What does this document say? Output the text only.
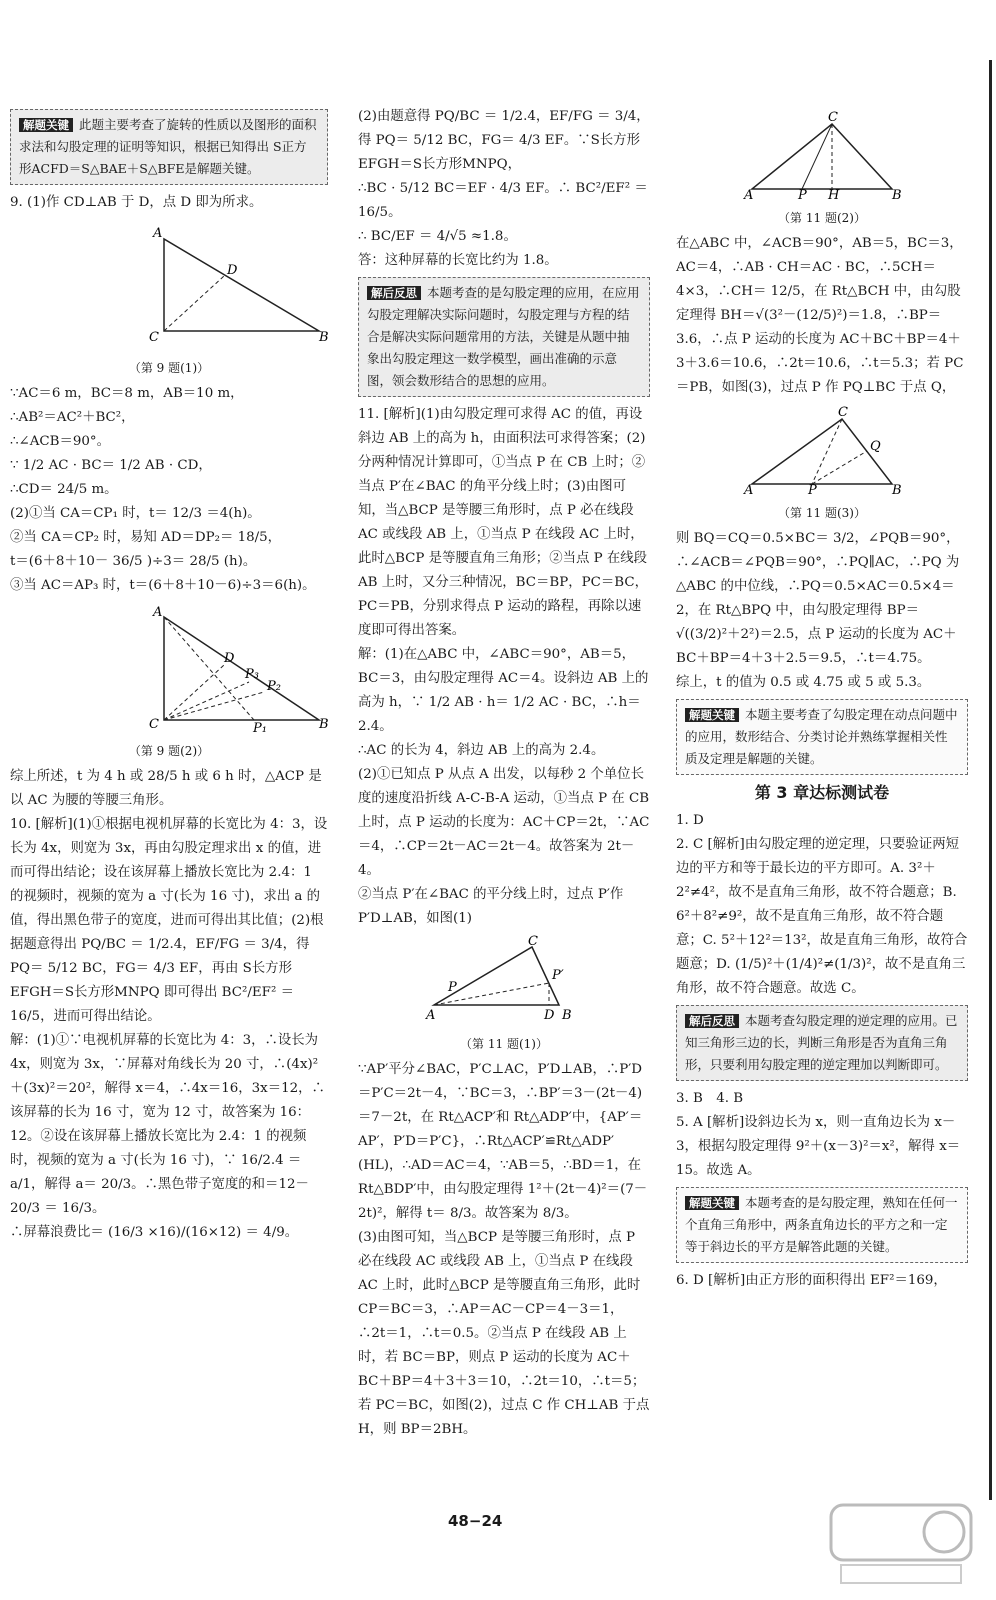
解题关键 此题主要考查了旋转的性质以及图形的面积求法和勾股定理的证明等知识，根据已知得出 S正方形ACFD＝S△BAE＋S△BFE是解题关键。

9. (1)作 CD⊥AB 于 D，点 D 即为所求。

A
D
C	B
（第 9 题(1)）

∵AC＝6 m，BC＝8 m，AB＝10 m，

∴AB²＝AC²＋BC²，

∴∠ACB＝90°。

∵ 1/2 AC · BC＝ 1/2 AB · CD，

∴CD＝ 24/5 m。

(2)①当 CA＝CP₁ 时，t＝ 12/3 ＝4(h)。

②当 CA＝CP₂ 时，易知 AD＝DP₂＝ 18/5，

t＝(6＋8＋10－ 36/5 )÷3＝ 28/5 (h)。

③当 AC＝AP₃ 时，t＝(6＋8＋10－6)÷3＝6(h)。

A
D
P₃
P₂
C	B
P₁
（第 9 题(2)）

综上所述，t 为 4 h 或 28/5 h 或 6 h 时，△ACP 是以 AC 为腰的等腰三角形。

10. [解析](1)①根据电视机屏幕的长宽比为 4：3，设长为 4x，则宽为 3x，再由勾股定理求出 x 的值，进而可得出结论；设在该屏幕上播放长宽比为 2.4：1 的视频时，视频的宽为 a 寸(长为 16 寸)，求出 a 的值，得出黑色带子的宽度，进而可得出其比值；(2)根据题意得出 PQ/BC ＝ 1/2.4，EF/FG ＝ 3/4，得 PQ＝ 5/12 BC，FG＝ 4/3 EF，再由 S长方形EFGH＝S长方形MNPQ 即可得出 BC²/EF² ＝ 16/5，进而可得出结论。

解：(1)①∵电视机屏幕的长宽比为 4：3，∴设长为 4x，则宽为 3x，∵屏幕对角线长为 20 寸，∴(4x)²＋(3x)²＝20²，解得 x＝4，∴4x＝16，3x＝12，∴该屏幕的长为 16 寸，宽为 12 寸，故答案为 16：12。②设在该屏幕上播放长宽比为 2.4：1 的视频时，视频的宽为 a 寸(长为 16 寸)，∵ 16/2.4 ＝ a/1，解得 a＝ 20/3。∴黑色带子宽度的和＝12－ 20/3 ＝ 16/3。

∴屏幕浪费比＝ (16/3 ×16)/(16×12) ＝ 4/9。

(2)由题意得 PQ/BC ＝ 1/2.4，EF/FG ＝ 3/4，得 PQ＝ 5/12 BC，FG＝ 4/3 EF。∵S长方形EFGH＝S长方形MNPQ，

∴BC · 5/12 BC＝EF · 4/3 EF。∴ BC²/EF² ＝ 16/5。

∴ BC/EF ＝ 4/√5 ≈1.8。

答：这种屏幕的长宽比约为 1.8。

解后反思 本题考查的是勾股定理的应用，在应用勾股定理解决实际问题时，勾股定理与方程的结合是解决实际问题常用的方法，关键是从题中抽象出勾股定理这一数学模型，画出准确的示意图，领会数形结合的思想的应用。

11. [解析](1)由勾股定理可求得 AC 的值，再设斜边 AB 上的高为 h，由面积法可求得答案；(2)分两种情况计算即可，①当点 P 在 CB 上时；②当点 P′在∠BAC 的角平分线上时；(3)由图可知，当△BCP 是等腰三角形时，点 P 必在线段 AC 或线段 AB 上，①当点 P 在线段 AC 上时，此时△BCP 是等腰直角三角形；②当点 P 在线段 AB 上时，又分三种情况，BC＝BP，PC＝BC，PC＝PB，分别求得点 P 运动的路程，再除以速度即可得出答案。

解：(1)在△ABC 中，∠ABC＝90°，AB＝5，BC＝3，由勾股定理得 AC＝4。设斜边 AB 上的高为 h，∵ 1/2 AB · h＝ 1/2 AC · BC，∴h＝2.4。

∴AC 的长为 4，斜边 AB 上的高为 2.4。

(2)①已知点 P 从点 A 出发，以每秒 2 个单位长度的速度沿折线 A-C-B-A 运动，①当点 P 在 CB 上时，点 P 运动的长度为：AC＋CP＝2t，∵AC＝4，∴CP＝2t－AC＝2t－4。故答案为 2t－4。

②当点 P′在∠BAC 的平分线上时，过点 P′作 P′D⊥AB，如图(1)

A
C
P′
D B
P
（第 11 题(1)）

∵AP′平分∠BAC，P′C⊥AC，P′D⊥AB，∴P′D＝P′C＝2t－4，∵BC＝3，∴BP′＝3－(2t－4)＝7－2t，在 Rt△ACP′和 Rt△ADP′中，{AP′＝AP′，P′D＝P′C}，∴Rt△ACP′≌Rt△ADP′(HL)，∴AD＝AC＝4，∵AB＝5，∴BD＝1，在 Rt△BDP′中，由勾股定理得 1²＋(2t－4)²＝(7－2t)²，解得 t＝ 8/3。故答案为 8/3。

(3)由图可知，当△BCP 是等腰三角形时，点 P 必在线段 AC 或线段 AB 上，①当点 P 在线段 AC 上时，此时△BCP 是等腰直角三角形，此时 CP＝BC＝3，∴AP＝AC－CP＝4－3＝1，∴2t＝1，∴t＝0.5。②当点 P 在线段 AB 上时，若 BC＝BP，则点 P 运动的长度为 AC＋BC＋BP＝4＋3＋3＝10，∴2t＝10，∴t＝5；若 PC＝BC，如图(2)，过点 C 作 CH⊥AB 于点 H，则 BP＝2BH。

A
C
P H	B
（第 11 题(2)）

在△ABC 中，∠ACB＝90°，AB＝5，BC＝3，AC＝4，∴AB · CH＝AC · BC，∴5CH＝4×3，∴CH＝ 12/5，在 Rt△BCH 中，由勾股定理得 BH＝√(3²－(12/5)²)＝1.8，∴BP＝3.6，∴点 P 运动的长度为 AC＋BC＋BP＝4＋3＋3.6＝10.6，∴2t＝10.6，∴t＝5.3；若 PC＝PB，如图(3)，过点 P 作 PQ⊥BC 于点 Q，

A
C
P
Q
B
（第 11 题(3)）

则 BQ＝CQ＝0.5×BC＝ 3/2，∠PQB＝90°，∴∠ACB＝∠PQB＝90°，∴PQ∥AC，∴PQ 为△ABC 的中位线，∴PQ＝0.5×AC＝0.5×4＝2，在 Rt△BPQ 中，由勾股定理得 BP＝√((3/2)²＋2²)＝2.5，点 P 运动的长度为 AC＋BC＋BP＝4＋3＋2.5＝9.5，∴t＝4.75。

综上，t 的值为 0.5 或 4.75 或 5 或 5.3。

解题关键 本题主要考查了勾股定理在动点问题中的应用，数形结合、分类讨论并熟练掌握相关性质及定理是解题的关键。
第 3 章达标测试卷

1. D

2. C [解析]由勾股定理的逆定理，只要验证两短边的平方和等于最长边的平方即可。A. 3²＋2²≠4²，故不是直角三角形，故不符合题意；B. 6²＋8²≠9²，故不是直角三角形，故不符合题意；C. 5²＋12²＝13²，故是直角三角形，故符合题意；D. (1/5)²＋(1/4)²≠(1/3)²，故不是直角三角形，故不符合题意。故选 C。

解后反思 本题考查勾股定理的逆定理的应用。已知三角形三边的长，判断三角形是否为直角三角形，只要利用勾股定理的逆定理加以判断即可。

3. B　4. B

5. A [解析]设斜边长为 x，则一直角边长为 x－3，根据勾股定理得 9²＋(x－3)²＝x²，解得 x＝15。故选 A。

解题关键 本题考查的是勾股定理，熟知在任何一个直角三角形中，两条直角边长的平方之和一定等于斜边长的平方是解答此题的关键。

6. D [解析]由正方形的面积得出 EF²＝169，

48−24
